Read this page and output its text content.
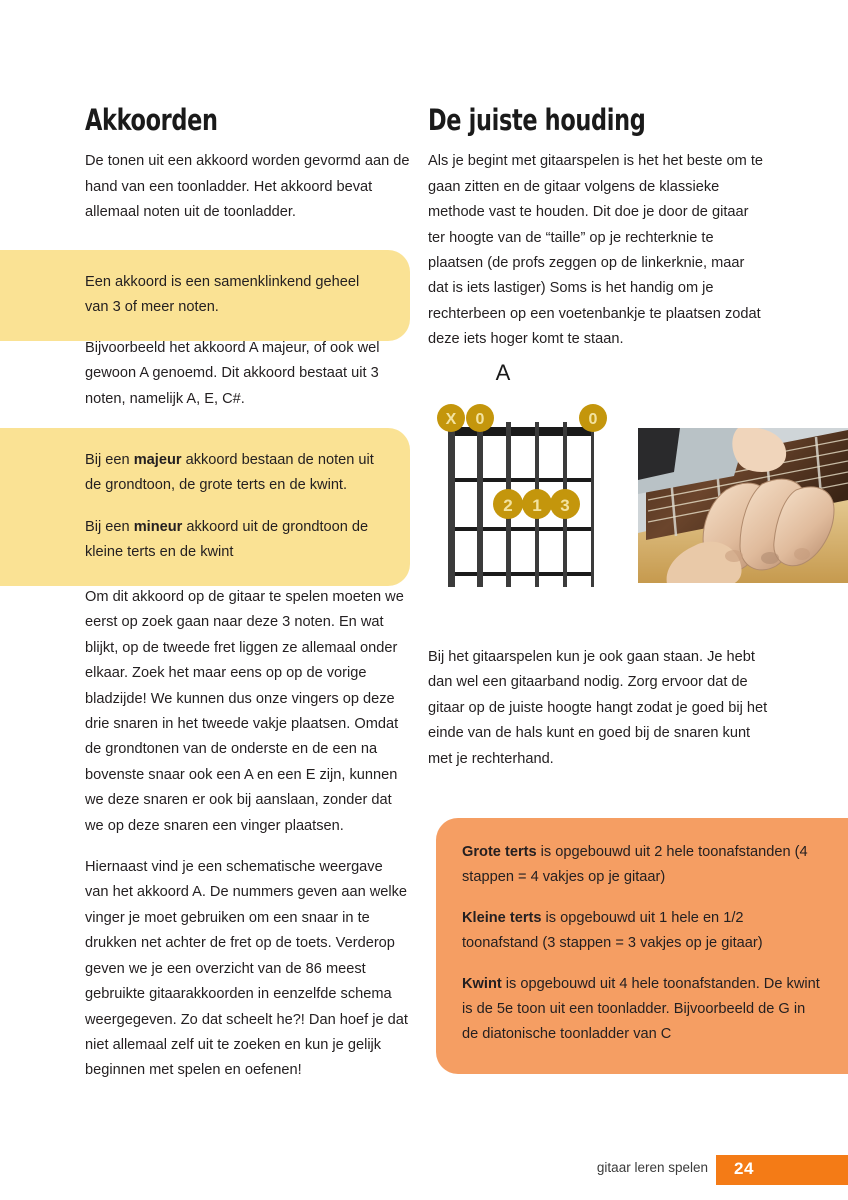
Akkoorden

De tonen uit een akkoord worden gevormd aan de hand van een toonladder. Het akkoord bevat allemaal noten uit de toonladder.

Een akkoord is een samenklinkend geheel van 3 of meer noten.

Bijvoorbeeld het akkoord A majeur, of ook wel gewoon A genoemd. Dit akkoord bestaat uit 3 noten, namelijk A, E, C#.

Bij een majeur akkoord bestaan de noten uit de grondtoon, de grote terts en de kwint.

Bij een mineur akkoord uit de grondtoon de kleine terts en de kwint

Om dit akkoord op de gitaar te spelen moeten we eerst op zoek gaan naar deze 3 noten. En wat blijkt, op de tweede fret liggen ze allemaal onder elkaar. Zoek het maar eens op op de vorige bladzijde! We kunnen dus onze vingers op deze drie snaren in het tweede vakje plaatsen. Omdat de grondtonen van de onderste en de een na bovenste snaar ook een A en een E zijn, kunnen we deze snaren er ook bij aanslaan, zonder dat we op deze snaren een vinger plaatsen.

Hiernaast vind je een schematische weergave van het akkoord A. De nummers geven aan welke vinger je moet gebruiken om een snaar in te drukken net achter de fret op de toets. Verderop geven we je een overzicht van de 86 meest gebruikte gitaarakkoorden in eenzelfde schema weergegeven. Zo dat scheelt he?! Dan hoef je dat niet allemaal zelf uit te zoeken en kun je gelijk beginnen met spelen en oefenen!

De juiste houding

Als je begint met gitaarspelen is het het beste om te gaan zitten en de gitaar volgens de klassieke methode vast te houden. Dit doe je door de gitaar ter hoogte van de “taille” op je rechterknie te plaatsen (de profs zeggen op de linkerknie, maar dat is iets lastiger) Soms is het handig om je rechterbeen op een voetenbankje te plaatsen zodat deze iets hoger komt te staan.

A
X 0	0
2 1 3

Bij het gitaarspelen kun je ook gaan staan. Je hebt dan wel een gitaarband nodig. Zorg ervoor dat de gitaar op de juiste hoogte hangt zodat je goed bij het einde van de hals kunt en goed bij de snaren kunt met je rechterhand.

Grote terts is opgebouwd uit 2 hele toonafstanden (4 stappen = 4 vakjes op je gitaar)

Kleine terts is opgebouwd uit 1 hele en 1/2 toonafstand (3 stappen = 3 vakjes op je gitaar)

Kwint is opgebouwd uit 4 hele toonafstanden. De kwint is de 5e toon uit een toonladder. Bijvoorbeeld de G in de diatonische toonladder van C

gitaar leren spelen 24
